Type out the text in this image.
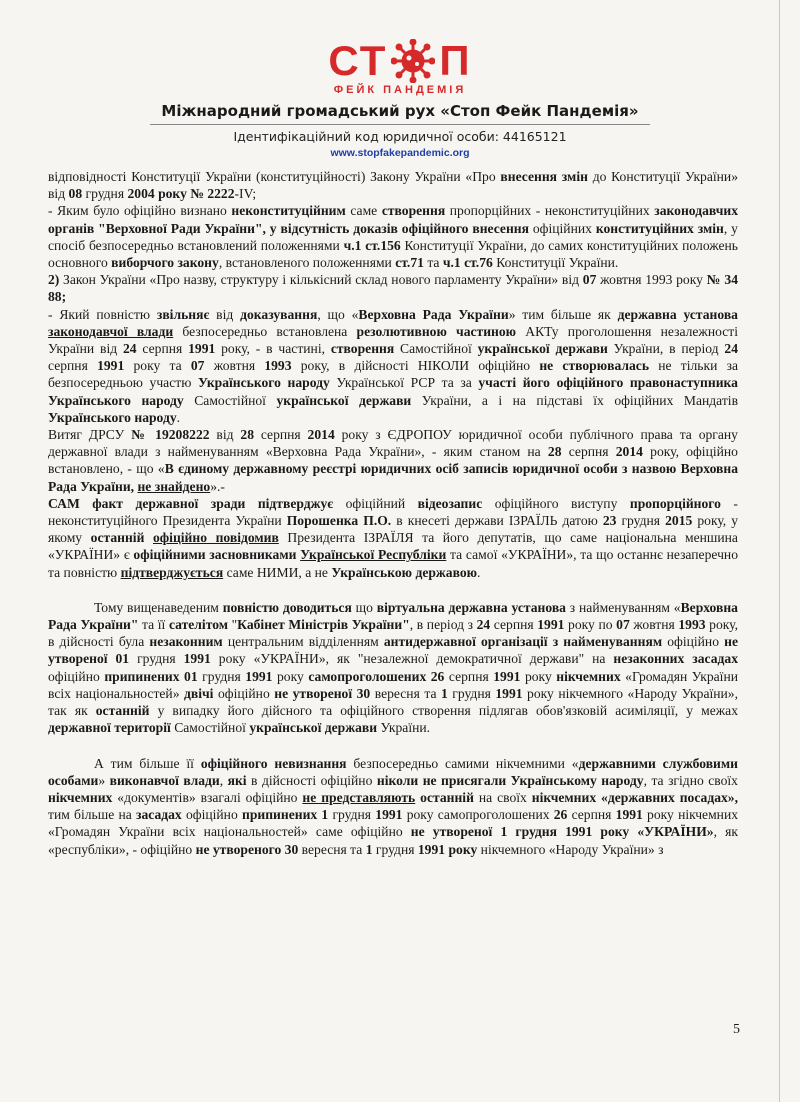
СТ П
ФЕЙК ПАНДЕМІЯ
Міжнародний громадський рух «Стоп Фейк Пандемія»
Ідентифікаційний код юридичної особи: 44165121
www.stopfakepandemic.org

відповідності Конституції України (конституційності) Закону України «Про внесення змін до Конституції України» від 08 грудня 2004 року № 2222-IV;

- Яким було офіційно визнано неконституційним саме створення пропорційних - неконституційних законодавчих органів "Верховної Ради України", у відсутність доказів офіційного внесення офіційних конституційних змін, у спосіб безпосередньо встановлений положеннями ч.1 ст.156 Конституції України, до самих конституційних положень основного виборчого закону, встановленого положеннями ст.71 та ч.1 ст.76 Конституції України.

2) Закон України «Про назву, структуру і кількісний склад нового парламенту України» від 07 жовтня 1993 року № 34 88;

- Який повністю звільняє від доказування, що «Верховна Рада України» тим більше як державна установа законодавчої влади безпосередньо встановлена резолютивною частиною АКТу проголошення незалежності України від 24 серпня 1991 року, - в частині, створення Самостійної української держави України, в період 24 серпня 1991 року та 07 жовтня 1993 року, в дійсності НІКОЛИ офіційно не створювалась не тільки за безпосередньою участю Українського народу Української РСР та за участі його офіційного правонаступника Українського народу Самостійної української держави України, а і на підставі їх офіційних Мандатів Українського народу.

Витяг ДРСУ № 19208222 від 28 серпня 2014 року з ЄДРОПОУ юридичної особи публічного права та органу державної влади з найменуванням «Верховна Рада України», - яким станом на 28 серпня 2014 року, офіційно встановлено, - що «В єдиному державному реєстрі юридичних осіб записів юридичної особи з назвою Верховна Рада України, не знайдено».-

САМ факт державної зради підтверджує офіційний відеозапис офіційного виступу пропорційного - неконституційного Президента України Порошенка П.О. в кнесеті держави ІЗРАЇЛЬ датою 23 грудня 2015 року, у якому останній офіційно повідомив Президента ІЗРАЇЛЯ та його депутатів, що саме національна меншина «УКРАЇНИ» є офіційними засновниками Української Республіки та самої «УКРАЇНИ», та що останнє незаперечно та повністю підтверджується саме НИМИ, а не Українською державою.

Тому вищенаведеним повністю доводиться що віртуальна державна установа з найменуванням «Верховна Рада України" та її сателітом "Кабінет Міністрів України", в період з 24 серпня 1991 року по 07 жовтня 1993 року, в дійсності була незаконним центральним відділенням антидержавної організації з найменуванням офіційно не утвореної 01 грудня 1991 року «УКРАЇНИ», як "незалежної демократичної держави" на незаконних засадах офіційно припинених 01 грудня 1991 року самопроголошених 26 серпня 1991 року нікчемних «Громадян України всіх національностей» двічі офіційно не утвореної 30 вересня та 1 грудня 1991 року нікчемного «Народу України», так як останній у випадку його дійсного та офіційного створення підлягав обов'язковій асиміляції, у межах державної території Самостійної української держави України.

А тим більше її офіційного невизнання безпосередньо самими нікчемними «державними службовими особами» виконавчої влади, які в дійсності офіційно ніколи не присягали Українському народу, та згідно своїх нікчемних «документів» взагалі офіційно не представляють останній на своїх нікчемних «державних посадах», тим більше на засадах офіційно припинених 1 грудня 1991 року самопроголошених 26 серпня 1991 року нікчемних «Громадян України всіх національностей» саме офіційно не утвореної 1 грудня 1991 року «УКРАЇНИ», як «республіки», - офіційно не утвореного 30 вересня та 1 грудня 1991 року нікчемного «Народу України» з

5
